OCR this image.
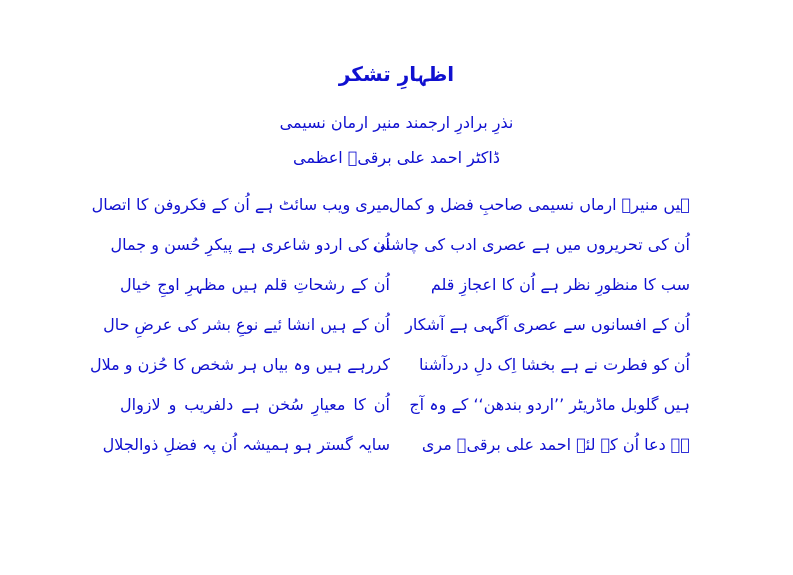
اظہارِ تشکر
نذرِ برادرِ ارجمند منیر ارمان نسیمی
ڈاکٹر احمد علی برقیؔ اعظمی
ہیں منیرؔ ارماں نسیمی صاحبِ فضل و کمال
میری ویب سائٹ ہے اُن کے فکروفن کا اتصال
اُن کی تحریروں میں ہے عصری ادب کی چاشنی
اُن کی اردو شاعری ہے پیکرِ حُسن و جمال
سب کا منظورِ نظر ہے اُن کا اعجازِ قلم
اُن کے رشحاتِ قلم ہیں مظہرِ اوجِ خیال
اُن کے افسانوں سے عصری آگہی ہے آشکار
اُن کے ہیں انشا ئیے نوعِ بشر کی عرضِ حال
اُن کو فطرت نے ہے بخشا اِک دلِ دردآشنا
کررہے ہیں وہ بیاں ہر شخص کا حُزن و ملال
ہیں گلوبل ماڈریٹر ’’اردو بندھن‘‘ کے وہ آج
اُن کا معیارِ سُخن ہے دلفریب و لازوال
ہے دعا اُن کے لئے احمد علی برقیؔ مری
سایہ گستر ہو ہمیشہ اُن پہ فضلِ ذوالجلال
